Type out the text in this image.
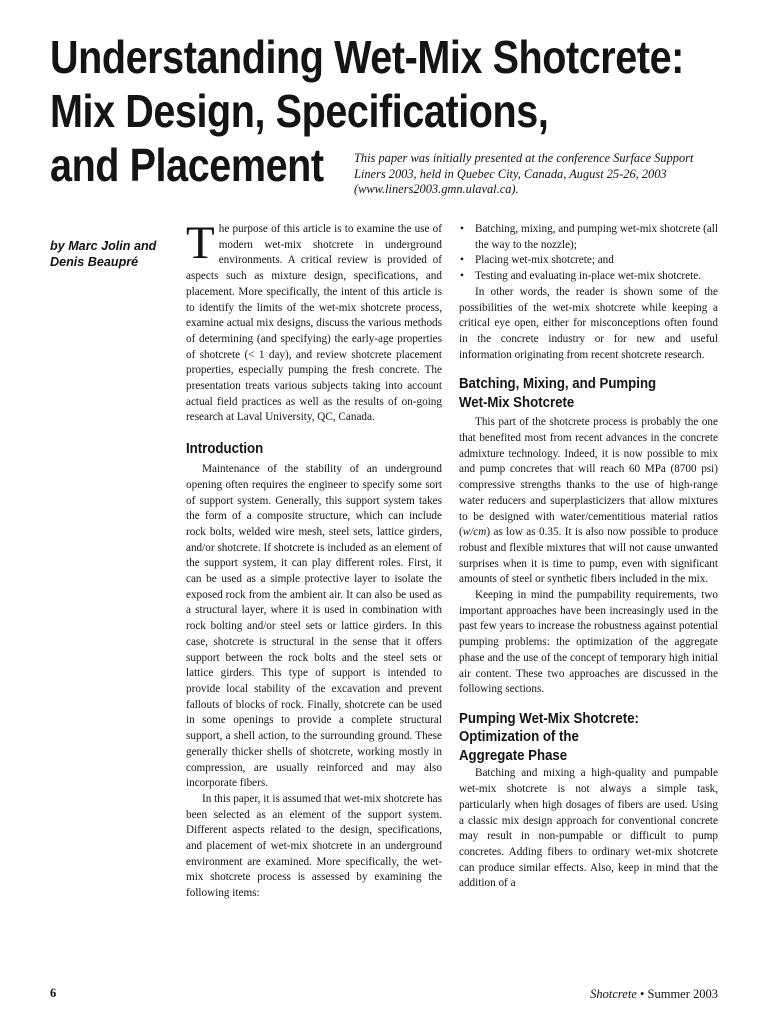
Understanding Wet-Mix Shotcrete:
Mix Design, Specifications,
and Placement	This paper was initially presented at the conference Surface Support Liners 2003, held in Quebec City, Canada, August 25-26, 2003 (www.liners2003.gmn.ulaval.ca).

by Marc Jolin and
Denis Beaupré	The purpose of this article is to examine the use of modern wet-mix shotcrete in underground environments. A critical review is provided of aspects such as mixture design, specifications, and placement. More specifically, the intent of this article is to identify the limits of the wet-mix shotcrete process, examine actual mix designs, discuss the various methods of determining (and specifying) the early-age properties of shotcrete (< 1 day), and review shotcrete placement properties, especially pumping the fresh concrete. The presentation treats various subjects taking into account actual field practices as well as the results of on-going research at Laval University, QC, Canada.

Introduction

Maintenance of the stability of an underground opening often requires the engineer to specify some sort of support system. Generally, this support system takes the form of a composite structure, which can include rock bolts, welded wire mesh, steel sets, lattice girders, and/or shotcrete. If shotcrete is included as an element of the support system, it can play different roles. First, it can be used as a simple protective layer to isolate the exposed rock from the ambient air. It can also be used as a structural layer, where it is used in combination with rock bolting and/or steel sets or lattice girders. In this case, shotcrete is structural in the sense that it offers support between the rock bolts and the steel sets or lattice girders. This type of support is intended to provide local stability of the excavation and prevent fallouts of blocks of rock. Finally, shotcrete can be used in some openings to provide a complete structural support, a shell action, to the surrounding ground. These generally thicker shells of shotcrete, working mostly in compression, are usually reinforced and may also incorporate fibers.

In this paper, it is assumed that wet-mix shotcrete has been selected as an element of the support system. Different aspects related to the design, specifications, and placement of wet-mix shotcrete in an underground environment are examined. More specifically, the wet-mix shotcrete process is assessed by examining the following items:

• Batching, mixing, and pumping wet-mix shotcrete (all the way to the nozzle);
• Placing wet-mix shotcrete; and
• Testing and evaluating in-place wet-mix shotcrete.

In other words, the reader is shown some of the possibilities of the wet-mix shotcrete while keeping a critical eye open, either for misconceptions often found in the concrete industry or for new and useful information originating from recent shotcrete research.

Batching, Mixing, and Pumping
Wet-Mix Shotcrete

This part of the shotcrete process is probably the one that benefited most from recent advances in the concrete admixture technology. Indeed, it is now possible to mix and pump concretes that will reach 60 MPa (8700 psi) compressive strengths thanks to the use of high-range water reducers and superplasticizers that allow mixtures to be designed with water/cementitious material ratios (w/cm) as low as 0.35. It is also now possible to produce robust and flexible mixtures that will not cause unwanted surprises when it is time to pump, even with significant amounts of steel or synthetic fibers included in the mix.

Keeping in mind the pumpability requirements, two important approaches have been increasingly used in the past few years to increase the robustness against potential pumping problems: the optimization of the aggregate phase and the use of the concept of temporary high initial air content. These two approaches are discussed in the following sections.

Pumping Wet-Mix Shotcrete:
Optimization of the
Aggregate Phase

Batching and mixing a high-quality and pumpable wet-mix shotcrete is not always a simple task, particularly when high dosages of fibers are used. Using a classic mix design approach for conventional concrete may result in non-pumpable or difficult to pump concretes. Adding fibers to ordinary wet-mix shotcrete can produce similar effects. Also, keep in mind that the addition of a

6	Shotcrete • Summer 2003
